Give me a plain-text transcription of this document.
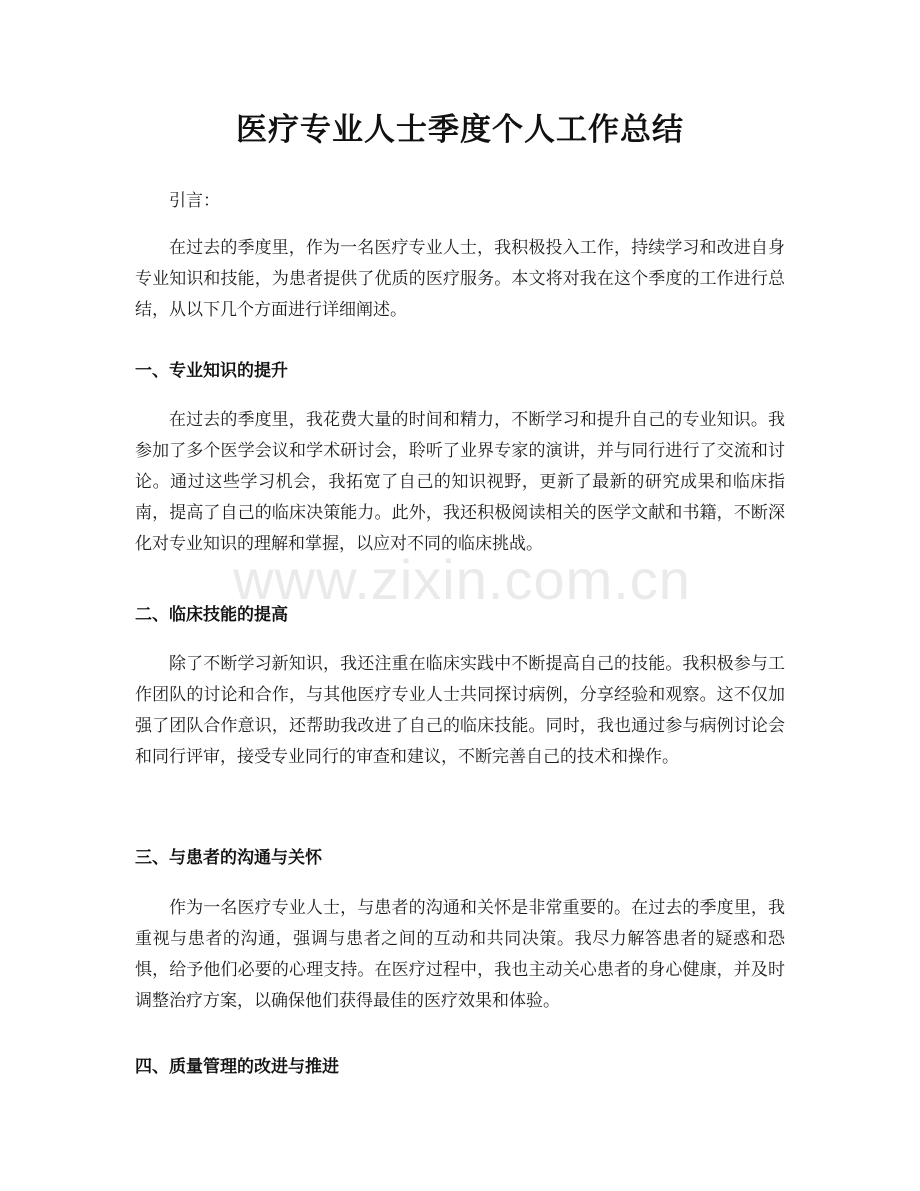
医疗专业人士季度个人工作总结

引言：

在过去的季度里，作为一名医疗专业人士，我积极投入工作，持续学习和改进自身专业知识和技能，为患者提供了优质的医疗服务。本文将对我在这个季度的工作进行总结，从以下几个方面进行详细阐述。

一、专业知识的提升

在过去的季度里，我花费大量的时间和精力，不断学习和提升自己的专业知识。我参加了多个医学会议和学术研讨会，聆听了业界专家的演讲，并与同行进行了交流和讨论。通过这些学习机会，我拓宽了自己的知识视野，更新了最新的研究成果和临床指南，提高了自己的临床决策能力。此外，我还积极阅读相关的医学文献和书籍，不断深化对专业知识的理解和掌握，以应对不同的临床挑战。

二、临床技能的提高

除了不断学习新知识，我还注重在临床实践中不断提高自己的技能。我积极参与工作团队的讨论和合作，与其他医疗专业人士共同探讨病例，分享经验和观察。这不仅加强了团队合作意识，还帮助我改进了自己的临床技能。同时，我也通过参与病例讨论会和同行评审，接受专业同行的审查和建议，不断完善自己的技术和操作。

三、与患者的沟通与关怀

作为一名医疗专业人士，与患者的沟通和关怀是非常重要的。在过去的季度里，我重视与患者的沟通，强调与患者之间的互动和共同决策。我尽力解答患者的疑惑和恐惧，给予他们必要的心理支持。在医疗过程中，我也主动关心患者的身心健康，并及时调整治疗方案，以确保他们获得最佳的医疗效果和体验。

四、质量管理的改进与推进
www.zixin.com.cn
